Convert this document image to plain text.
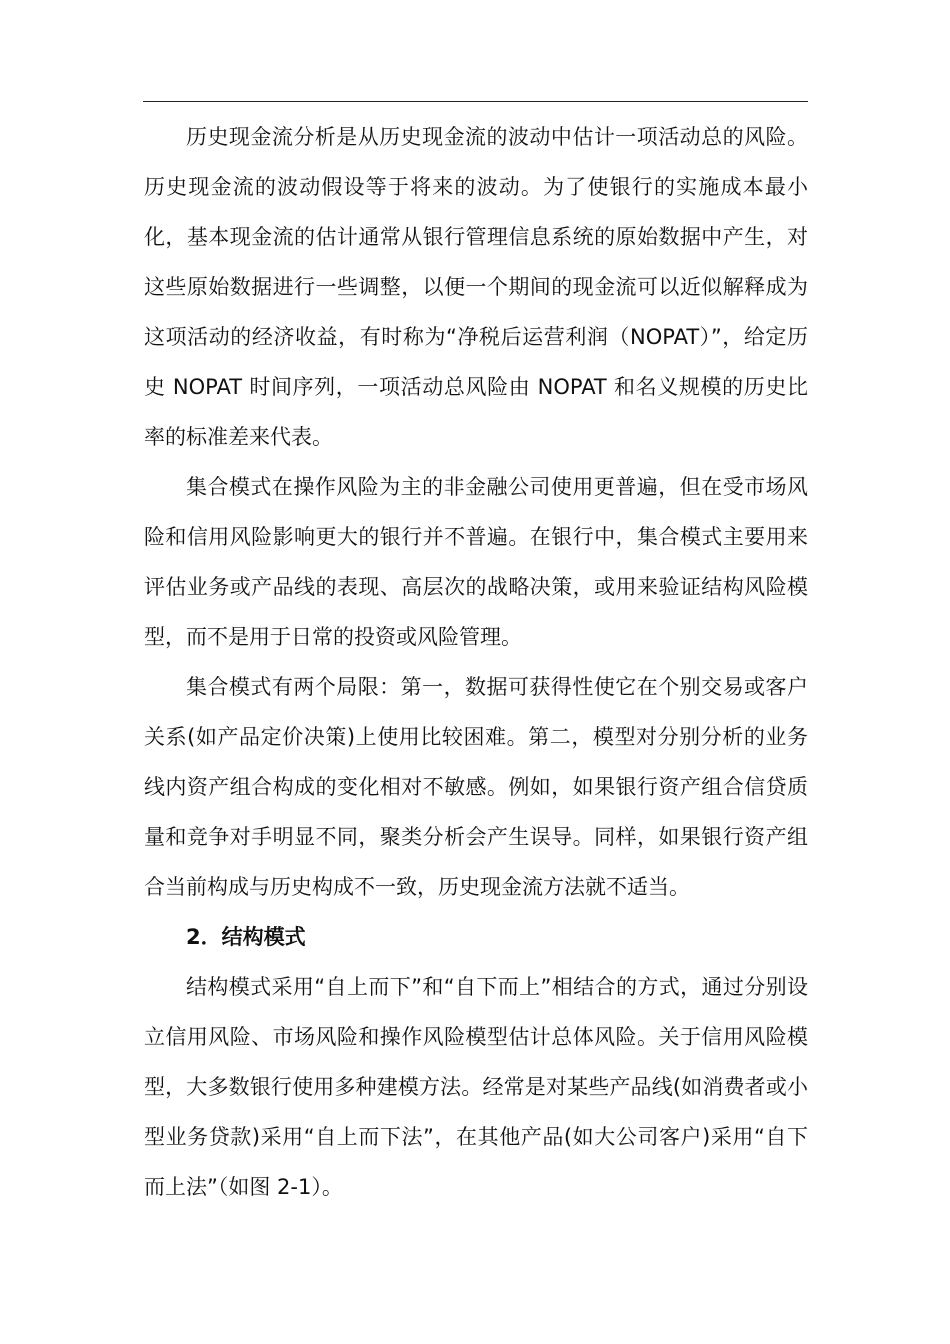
历史现金流分析是从历史现金流的波动中估计一项活动总的风险。历史现金流的波动假设等于将来的波动。为了使银行的实施成本最小化，基本现金流的估计通常从银行管理信息系统的原始数据中产生，对这些原始数据进行一些调整，以便一个期间的现金流可以近似解释成为这项活动的经济收益，有时称为“净税后运营利润（NOPAT）”，给定历史 NOPAT 时间序列，一项活动总风险由 NOPAT 和名义规模的历史比率的标准差来代表。

集合模式在操作风险为主的非金融公司使用更普遍，但在受市场风险和信用风险影响更大的银行并不普遍。在银行中，集合模式主要用来评估业务或产品线的表现、高层次的战略决策，或用来验证结构风险模型，而不是用于日常的投资或风险管理。

集合模式有两个局限：第一，数据可获得性使它在个别交易或客户关系(如产品定价决策)上使用比较困难。第二，模型对分别分析的业务线内资产组合构成的变化相对不敏感。例如，如果银行资产组合信贷质量和竞争对手明显不同，聚类分析会产生误导。同样，如果银行资产组合当前构成与历史构成不一致，历史现金流方法就不适当。

2．结构模式

结构模式采用“自上而下”和“自下而上”相结合的方式，通过分别设立信用风险、市场风险和操作风险模型估计总体风险。关于信用风险模型，大多数银行使用多种建模方法。经常是对某些产品线(如消费者或小型业务贷款)采用“自上而下法”，在其他产品(如大公司客户)采用“自下而上法”（如图 2-1）。
